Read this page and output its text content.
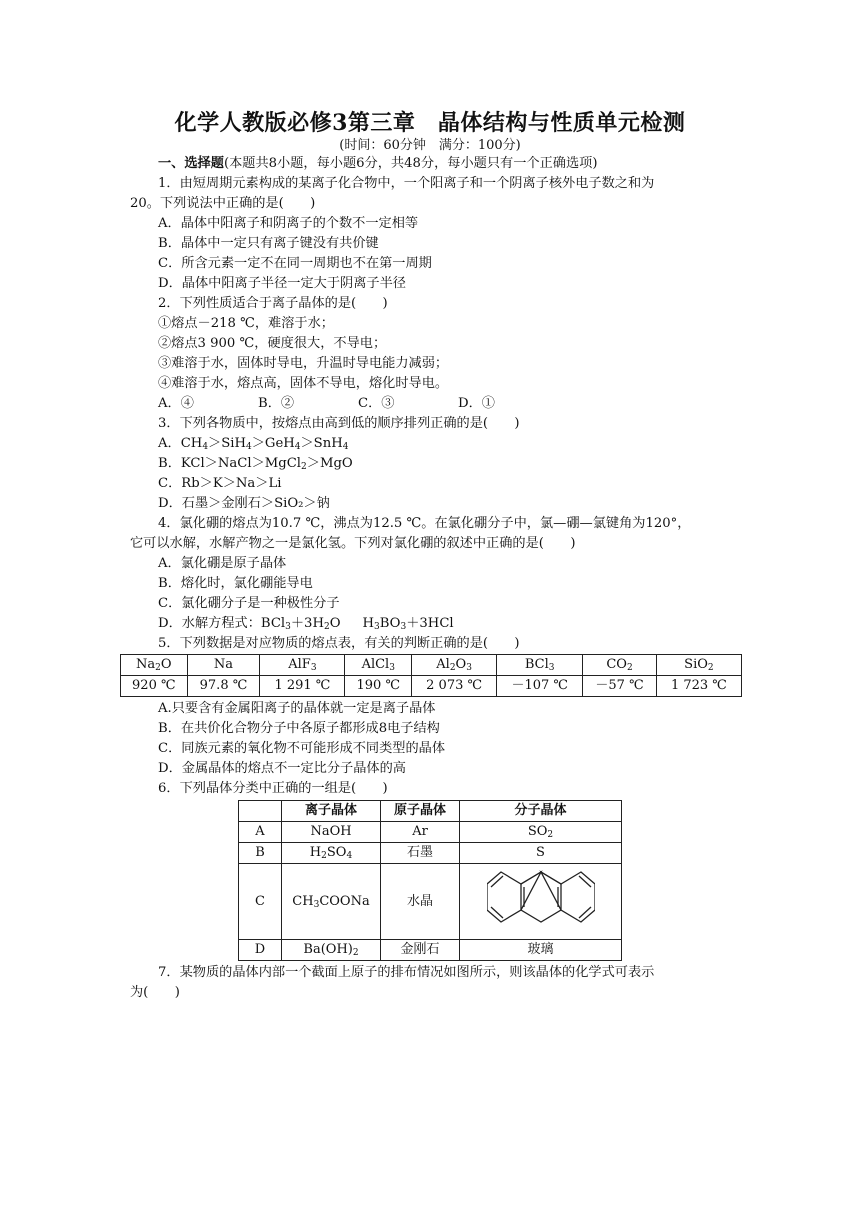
化学人教版必修3第三章　晶体结构与性质单元检测
(时间：60分钟　满分：100分)

一、选择题(本题共8小题，每小题6分，共48分，每小题只有一个正确选项)

1．由短周期元素构成的某离子化合物中，一个阳离子和一个阴离子核外电子数之和为

20。下列说法中正确的是(　　)

A．晶体中阳离子和阴离子的个数不一定相等

B．晶体中一定只有离子键没有共价键

C．所含元素一定不在同一周期也不在第一周期

D．晶体中阳离子半径一定大于阴离子半径

2．下列性质适合于离子晶体的是(　　)

①熔点－218 ℃，难溶于水；

②熔点3 900 ℃，硬度很大，不导电；

③难溶于水，固体时导电，升温时导电能力减弱；

④难溶于水，熔点高，固体不导电，熔化时导电。

A．④	B．②	C．③	D．①

3．下列各物质中，按熔点由高到低的顺序排列正确的是(　　)

A．$CH_4>SiH_4>GeH_4>SnH_4$

B．KCl＞NaCl＞MgCl$_2$＞MgO

C．Rb＞K＞Na＞Li

D．石墨＞金刚石＞SiO₂＞钠

4．氯化硼的熔点为10.7 ℃，沸点为12.5 ℃。在氯化硼分子中，氯—硼—氯键角为120°，

它可以水解，水解产物之一是氯化氢。下列对氯化硼的叙述中正确的是(　　)

A．氯化硼是原子晶体

B．熔化时，氯化硼能导电

C．氯化硼分子是一种极性分子

D．水解方程式：$BCl_3+3H_2O$　　 $H_3BO_3+3HCl$

5．下列数据是对应物质的熔点表，有关的判断正确的是(　　)

$Na_2O$	Na	AlF$_3$	AlCl$_3$	$Al_2O_3$	BCl$_3$	$CO_2$	SiO$_2$
920 ℃	97.8 ℃	1 291 ℃	190 ℃	2 073 ℃	－107 ℃	－57 ℃	1 723 ℃

A.只要含有金属阳离子的晶体就一定是离子晶体

B．在共价化合物分子中各原子都形成8电子结构

C．同族元素的氧化物不可能形成不同类型的晶体

D．金属晶体的熔点不一定比分子晶体的高

6．下列晶体分类中正确的一组是(　　)

	离子晶体	原子晶体	分子晶体
A	NaOH	Ar	$SO_2$
B	$H_2SO_4$	石墨	S
C	$CH_3COONa$	水晶	
D	$Ba(OH)_2$	金刚石	玻璃

7．某物质的晶体内部一个截面上原子的排布情况如图所示，则该晶体的化学式可表示

为(　　)
